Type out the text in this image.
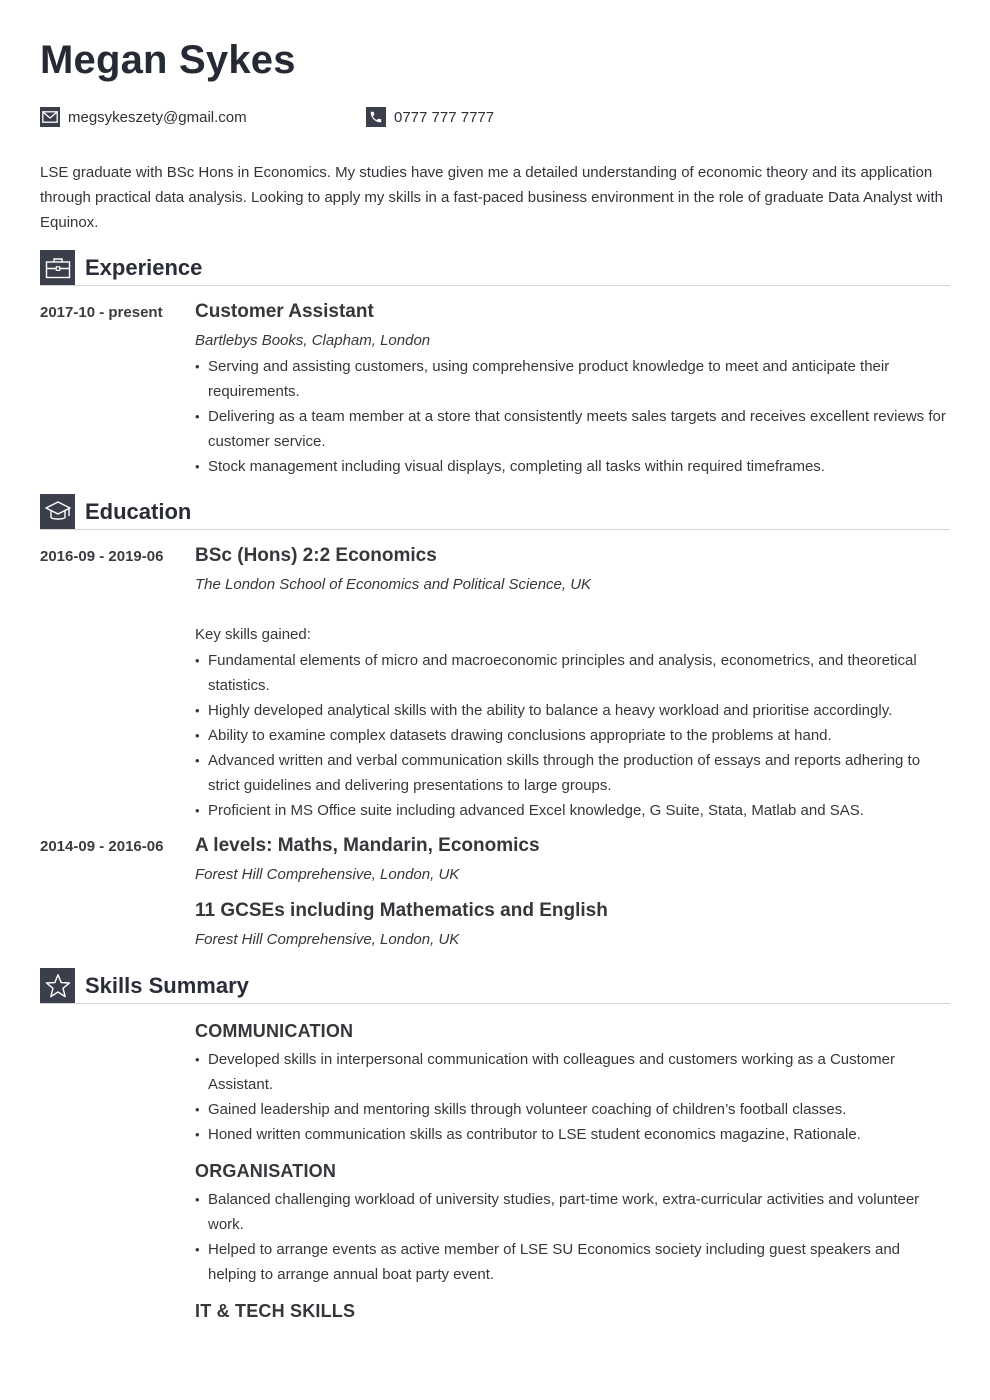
Megan Sykes
megsykeszety@gmail.com	0777 777 7777
LSE graduate with BSc Hons in Economics. My studies have given me a detailed understanding of economic theory and its application through practical data analysis. Looking to apply my skills in a fast-paced business environment in the role of graduate Data Analyst with Equinox.
Experience
2017-10 - present Customer Assistant
Bartlebys Books, Clapham, London
• Serving and assisting customers, using comprehensive product knowledge to meet and anticipate their requirements.
• Delivering as a team member at a store that consistently meets sales targets and receives excellent reviews for customer service.
• Stock management including visual displays, completing all tasks within required timeframes.
Education
2016-09 - 2019-06 BSc (Hons) 2:2 Economics
The London School of Economics and Political Science, UK
Key skills gained:
• Fundamental elements of micro and macroeconomic principles and analysis, econometrics, and theoretical statistics.
• Highly developed analytical skills with the ability to balance a heavy workload and prioritise accordingly.
• Ability to examine complex datasets drawing conclusions appropriate to the problems at hand.
• Advanced written and verbal communication skills through the production of essays and reports adhering to strict guidelines and delivering presentations to large groups.
• Proficient in MS Office suite including advanced Excel knowledge, G Suite, Stata, Matlab and SAS.
2014-09 - 2016-06 A levels: Maths, Mandarin, Economics
Forest Hill Comprehensive, London, UK
11 GCSEs including Mathematics and English
Forest Hill Comprehensive, London, UK
Skills Summary
COMMUNICATION
• Developed skills in interpersonal communication with colleagues and customers working as a Customer Assistant.
• Gained leadership and mentoring skills through volunteer coaching of children’s football classes.
• Honed written communication skills as contributor to LSE student economics magazine, Rationale.
ORGANISATION
• Balanced challenging workload of university studies, part-time work, extra-curricular activities and volunteer work.
• Helped to arrange events as active member of LSE SU Economics society including guest speakers and helping to arrange annual boat party event.
IT & TECH SKILLS
